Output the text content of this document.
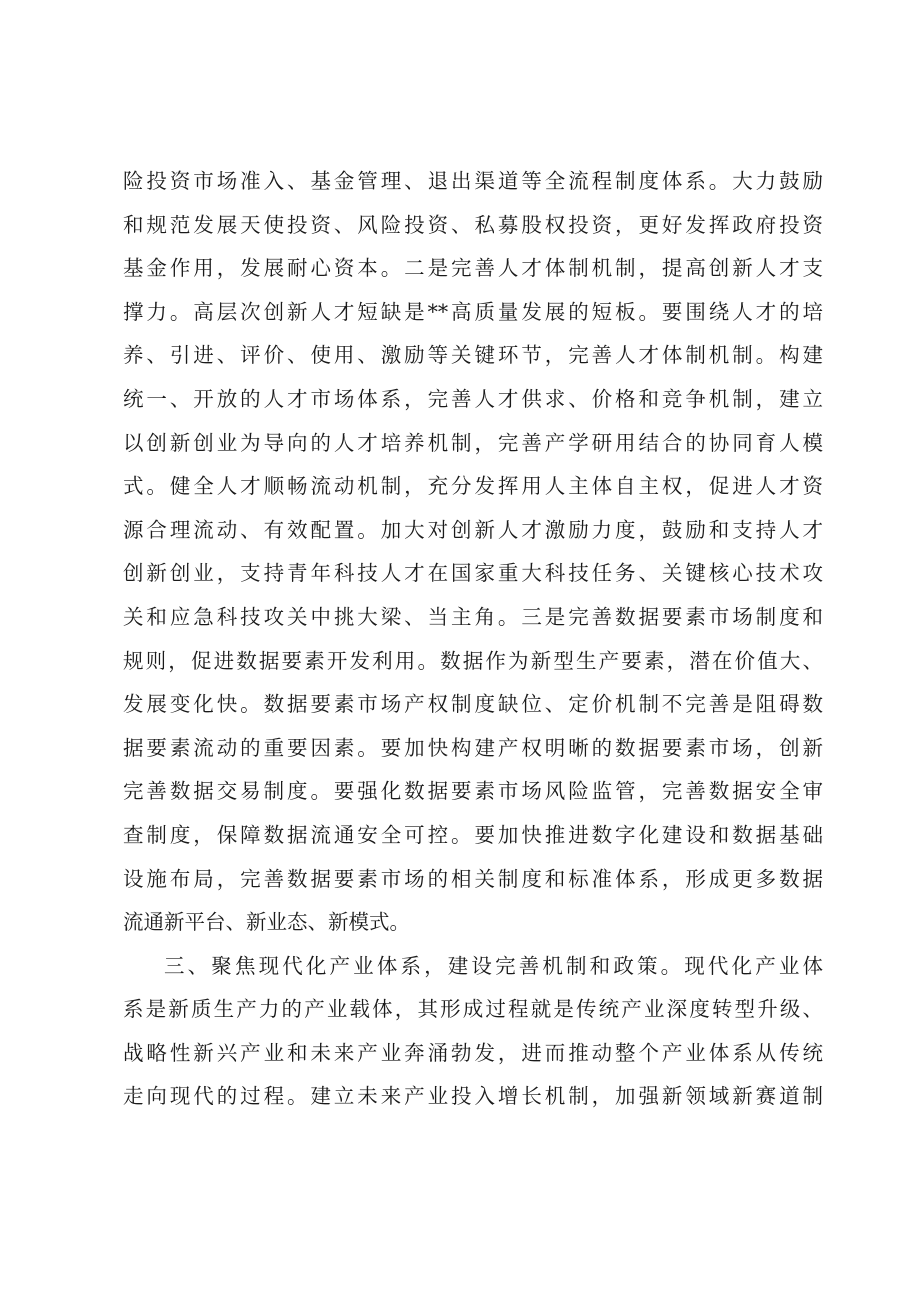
险投资市场准入、基金管理、退出渠道等全流程制度体系。大力鼓励
和规范发展天使投资、风险投资、私募股权投资，更好发挥政府投资
基金作用，发展耐心资本。二是完善人才体制机制，提高创新人才支
撑力。高层次创新人才短缺是**高质量发展的短板。要围绕人才的培
养、引进、评价、使用、激励等关键环节，完善人才体制机制。构建
统一、开放的人才市场体系，完善人才供求、价格和竞争机制，建立
以创新创业为导向的人才培养机制，完善产学研用结合的协同育人模
式。健全人才顺畅流动机制，充分发挥用人主体自主权，促进人才资
源合理流动、有效配置。加大对创新人才激励力度，鼓励和支持人才
创新创业，支持青年科技人才在国家重大科技任务、关键核心技术攻
关和应急科技攻关中挑大梁、当主角。三是完善数据要素市场制度和
规则，促进数据要素开发利用。数据作为新型生产要素，潜在价值大、
发展变化快。数据要素市场产权制度缺位、定价机制不完善是阻碍数
据要素流动的重要因素。要加快构建产权明晰的数据要素市场，创新
完善数据交易制度。要强化数据要素市场风险监管，完善数据安全审
查制度，保障数据流通安全可控。要加快推进数字化建设和数据基础
设施布局，完善数据要素市场的相关制度和标准体系，形成更多数据
流通新平台、新业态、新模式。
三、聚焦现代化产业体系，建设完善机制和政策。现代化产业体
系是新质生产力的产业载体，其形成过程就是传统产业深度转型升级、
战略性新兴产业和未来产业奔涌勃发，进而推动整个产业体系从传统
走向现代的过程。建立未来产业投入增长机制，加强新领域新赛道制
